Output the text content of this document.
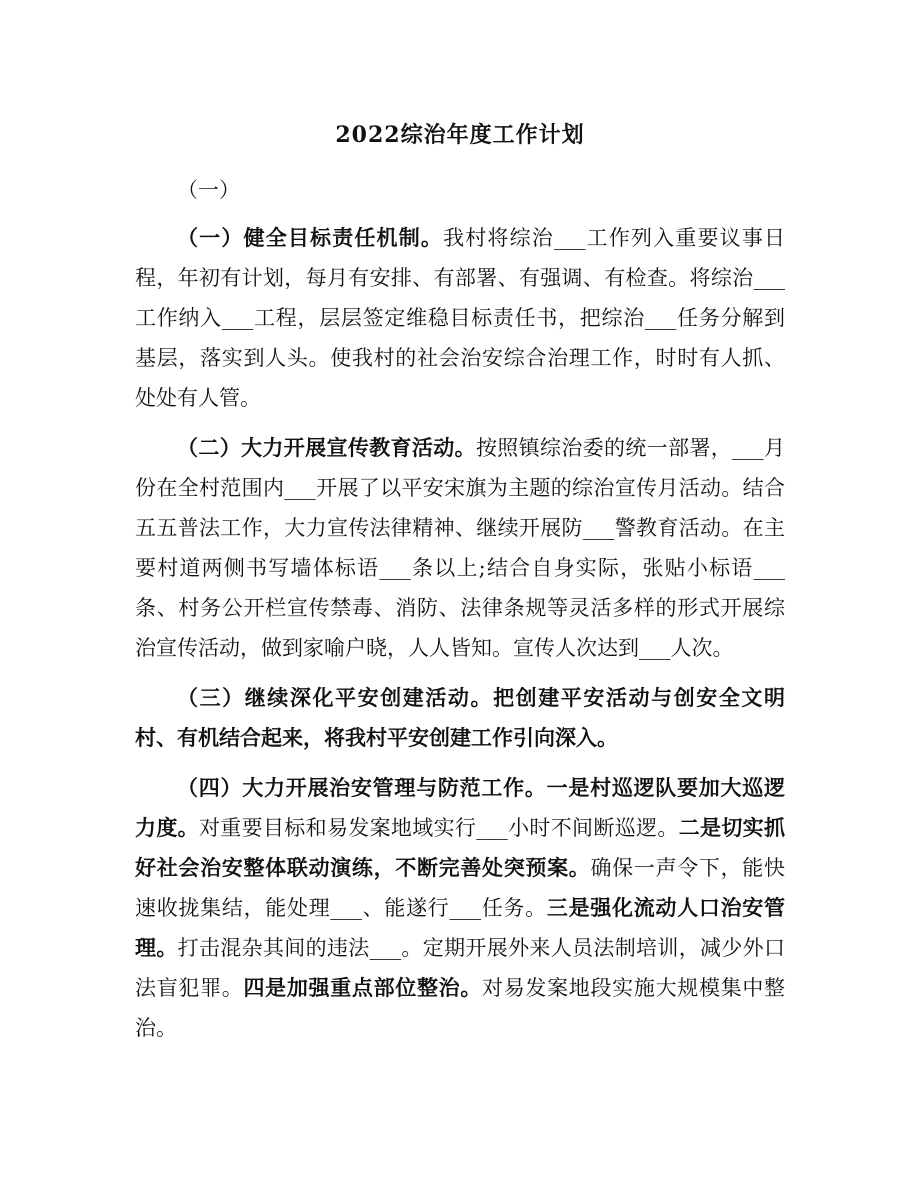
2022综治年度工作计划

（一）

（一）健全目标责任机制。我村将综治___工作列入重要议事日程，年初有计划，每月有安排、有部署、有强调、有检查。将综治___工作纳入___工程，层层签定维稳目标责任书，把综治___任务分解到基层，落实到人头。使我村的社会治安综合治理工作，时时有人抓、处处有人管。

（二）大力开展宣传教育活动。按照镇综治委的统一部署，___月份在全村范围内___开展了以平安宋旗为主题的综治宣传月活动。结合五五普法工作，大力宣传法律精神、继续开展防___警教育活动。在主要村道两侧书写墙体标语___条以上;结合自身实际，张贴小标语___条、村务公开栏宣传禁毒、消防、法律条规等灵活多样的形式开展综治宣传活动，做到家喻户晓，人人皆知。宣传人次达到___人次。

（三）继续深化平安创建活动。把创建平安活动与创安全文明村、有机结合起来，将我村平安创建工作引向深入。

（四）大力开展治安管理与防范工作。一是村巡逻队要加大巡逻力度。对重要目标和易发案地域实行___小时不间断巡逻。二是切实抓好社会治安整体联动演练，不断完善处突预案。确保一声令下，能快速收拢集结，能处理___、能遂行___任务。三是强化流动人口治安管理。打击混杂其间的违法___。定期开展外来人员法制培训，减少外口法盲犯罪。四是加强重点部位整治。对易发案地段实施大规模集中整治。
